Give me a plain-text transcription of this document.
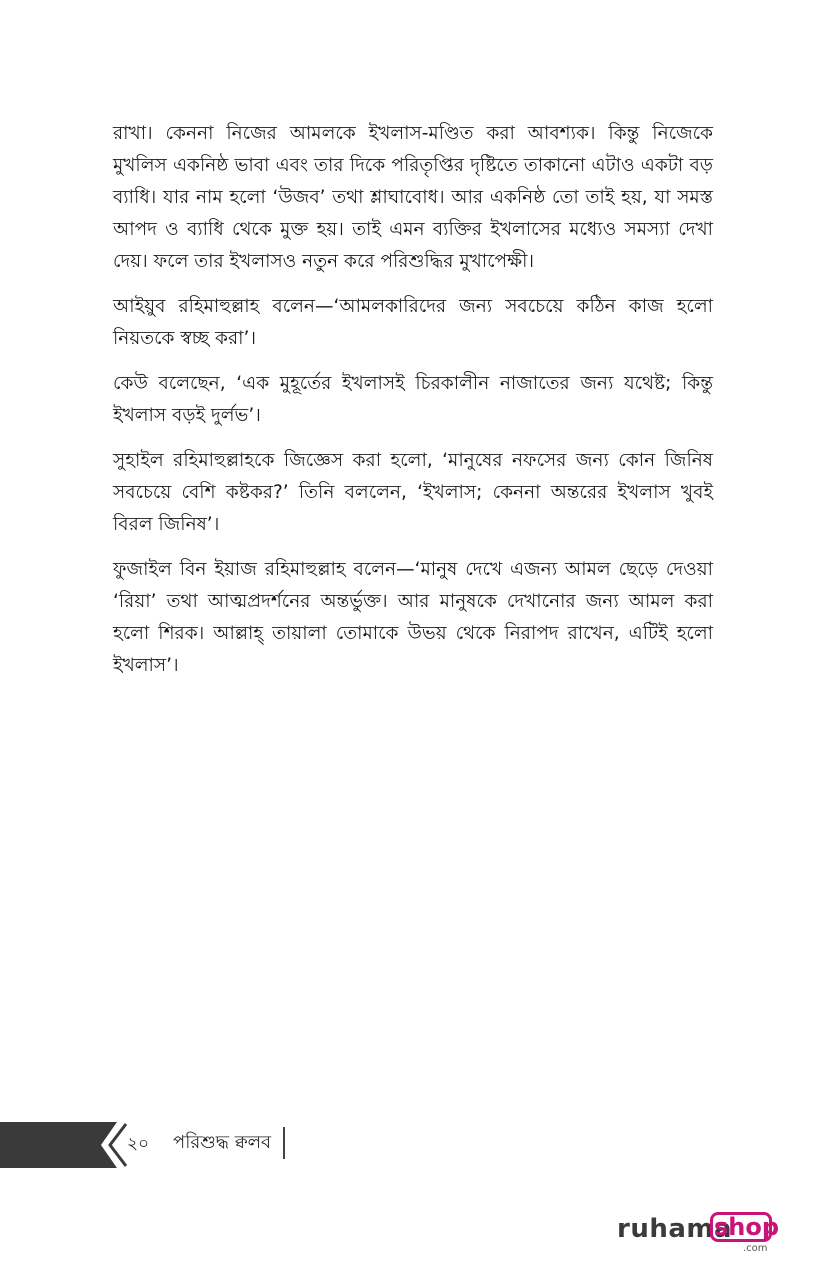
রাখা। কেননা নিজের আমলকে ইখলাস-মণ্ডিত করা আবশ্যক। কিন্তু নিজেকে মুখলিস একনিষ্ঠ ভাবা এবং তার দিকে পরিতৃপ্তির দৃষ্টিতে তাকানো এটাও একটা বড় ব্যাধি। যার নাম হলো ‘উজব’ তথা শ্লাঘাবোধ। আর একনিষ্ঠ তো তাই হয়, যা সমস্ত আপদ ও ব্যাধি থেকে মুক্ত হয়। তাই এমন ব্যক্তির ইখলাসের মধ্যেও সমস্যা দেখা দেয়। ফলে তার ইখলাসও নতুন করে পরিশুদ্ধির মুখাপেক্ষী।

আইয়ুব রহিমাহুল্লাহ বলেন—‘আমলকারিদের জন্য সবচেয়ে কঠিন কাজ হলো নিয়তকে স্বচ্ছ করা’।

কেউ বলেছেন, ‘এক মুহূর্তের ইখলাসই চিরকালীন নাজাতের জন্য যথেষ্ট; কিন্তু ইখলাস বড়ই দুর্লভ’।

সুহাইল রহিমাহুল্লাহকে জিজ্ঞেস করা হলো, ‘মানুষের নফসের জন্য কোন জিনিষ সবচেয়ে বেশি কষ্টকর?’ তিনি বললেন, ‘ইখলাস; কেননা অন্তরের ইখলাস খুবই বিরল জিনিষ’।

ফুজাইল বিন ইয়াজ রহিমাহুল্লাহ বলেন—‘মানুষ দেখে এজন্য আমল ছেড়ে দেওয়া ‘রিয়া’ তথা আত্মপ্রদর্শনের অন্তর্ভুক্ত। আর মানুষকে দেখানোর জন্য আমল করা হলো শিরক। আল্লাহ্ তায়ালা তোমাকে উভয় থেকে নিরাপদ রাখেন, এটিই হলো ইখলাস’।

২০	পরিশুদ্ধ ক্বলব
ruhama
shop
.com
